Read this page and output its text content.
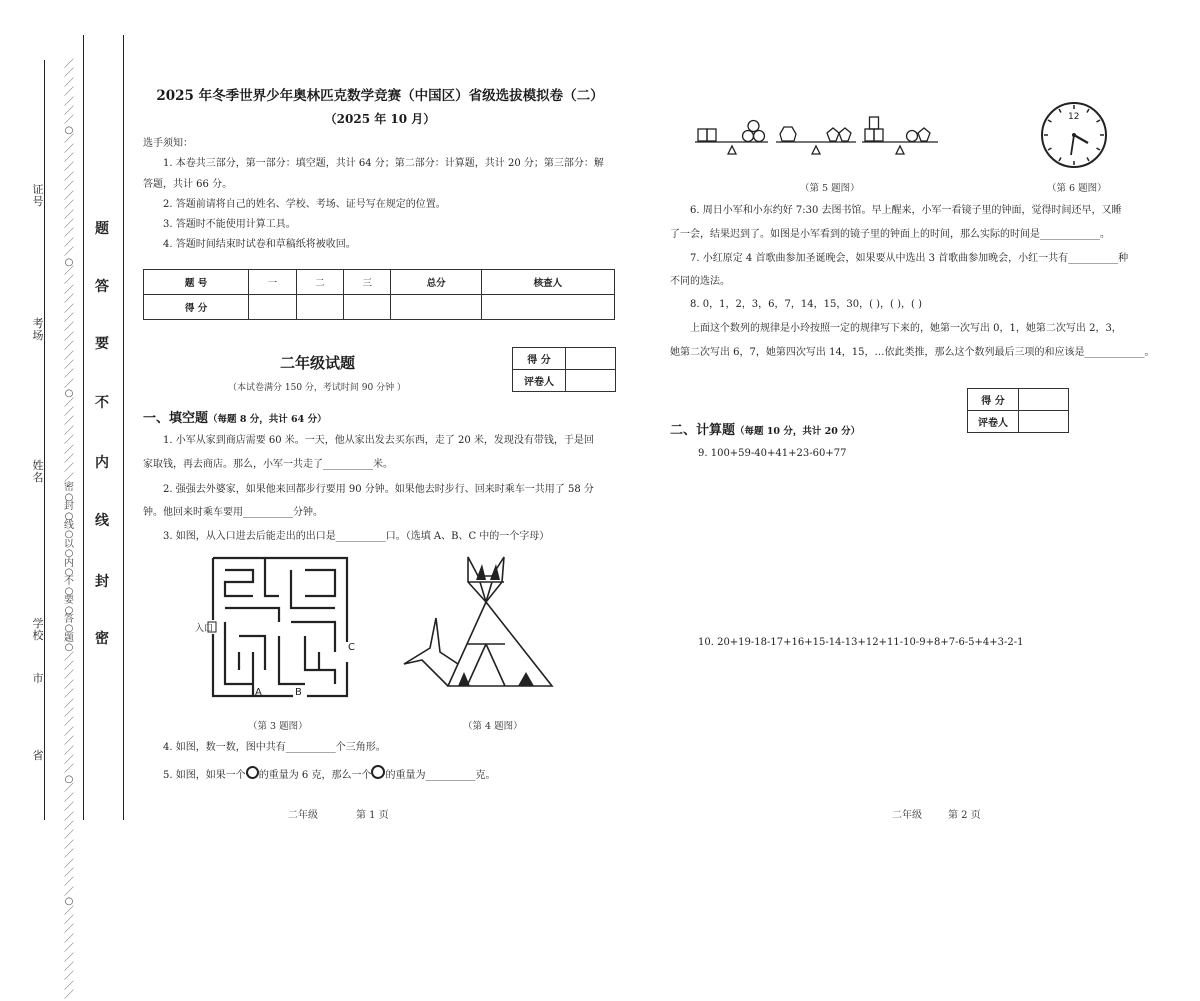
省
市
学校
姓名
考场
证号
／／／／／／／○／／／／／／／／／／／／／○／／／／／／／／／／／／／○／／／／／／／／／密○封○线○以○内○不○要○答○题○／／／／／／／／／／／／／○／／／／／／／／／／／／○／／／／／／／／／／
密
封
线
内
不
要
答
题
2025 年冬季世界少年奥林匹克数学竞赛（中国区）省级选拔模拟卷（二）
（2025 年 10 月）
选手须知：
1. 本卷共三部分，第一部分：填空题，共计 64 分；第二部分：计算题，共计 20 分；第三部分：解
答题，共计 66 分。
2. 答题前请将自己的姓名、学校、考场、证号写在规定的位置。
3. 答题时不能使用计算工具。
4. 答题时间结束时试卷和草稿纸将被收回。
题 号	一	二	三	总分	核查人
得 分					
二年级试题
（本试卷满分 150 分，考试时间 90 分钟 ）
得 分	
评卷人	
一、填空题（每题 8 分，共计 64 分）
1. 小军从家到商店需要 60 米。一天，他从家出发去买东西，走了 20 米，发现没有带钱，于是回
家取钱，再去商店。那么，小军一共走了__________米。
2. 强强去外婆家，如果他来回都步行要用 90 分钟。如果他去时步行、回来时乘车一共用了 58 分
钟。他回来时乘车要用__________分钟。
3. 如图，从入口进去后能走出的出口是__________口。（选填 A、B、C 中的一个字母）
入口
A	B
C
（第 3 题图）	（第 4 题图）
4. 如图，数一数，图中共有__________个三角形。
5. 如图，如果一个 的重量为 6 克，那么一个 的重量为__________克。
二年级	第 1 页
12
（第 5 题图）	（第 6 题图）
6. 周日小军和小东约好 7:30 去图书馆。早上醒来，小军一看镜子里的钟面，觉得时间还早，又睡
了一会，结果迟到了。如图是小军看到的镜子里的钟面上的时间，那么实际的时间是____________。
7. 小红原定 4 首歌曲参加圣诞晚会，如果要从中选出 3 首歌曲参加晚会，小红一共有__________种
不同的选法。
8. 0，1，2，3，6，7，14，15，30，( )，( )，( )
上面这个数列的规律是小玲按照一定的规律写下来的，她第一次写出 0，1，她第二次写出 2，3，
她第二次写出 6，7，她第四次写出 14，15，…依此类推，那么这个数列最后三项的和应该是____________。
得 分	
评卷人	
二、计算题（每题 10 分，共计 20 分）
9. 100+59-40+41+23-60+77
10. 20+19-18-17+16+15-14-13+12+11-10-9+8+7-6-5+4+3-2-1
二年级	第 2 页
